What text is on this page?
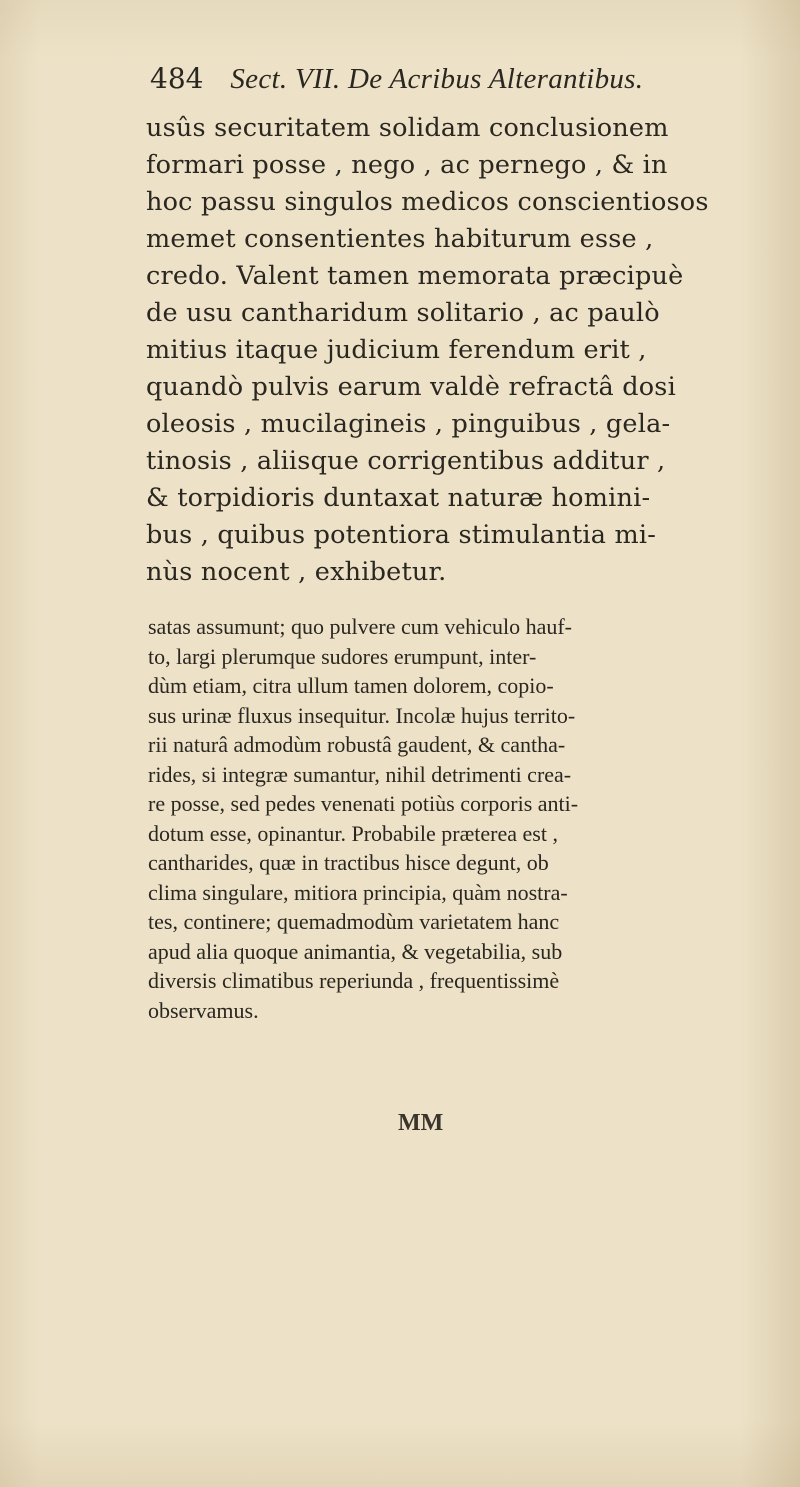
484 Sect. VII. De Acribus Alterantibus.
usûs securitatem solidam conclusionem
formari posse , nego , ac pernego , & in
hoc passu singulos medicos conscientiosos
memet consentientes habiturum esse ,
credo. Valent tamen memorata præcipuè
de usu cantharidum solitario , ac paulò
mitius itaque judicium ferendum erit ,
quandò pulvis earum valdè refractâ dosi
oleosis , mucilagineis , pinguibus , gela-
tinosis , aliisque corrigentibus additur ,
& torpidioris duntaxat naturæ homini-
bus , quibus potentiora stimulantia mi-
nùs nocent , exhibetur.
satas assumunt; quo pulvere cum vehiculo hauf-
to, largi plerumque sudores erumpunt, inter-
dùm etiam, citra ullum tamen dolorem, copio-
sus urinæ fluxus insequitur. Incolæ hujus territo-
rii naturâ admodùm robustâ gaudent, & cantha-
rides, si integræ sumantur, nihil detrimenti crea-
re posse, sed pedes venenati potiùs corporis anti-
dotum esse, opinantur. Probabile præterea est ,
cantharides, quæ in tractibus hisce degunt, ob
clima singulare, mitiora principia, quàm nostra-
tes, continere; quemadmodùm varietatem hanc
apud alia quoque animantia, & vegetabilia, sub
diversis climatibus reperiunda , frequentissimè
observamus.
MM
